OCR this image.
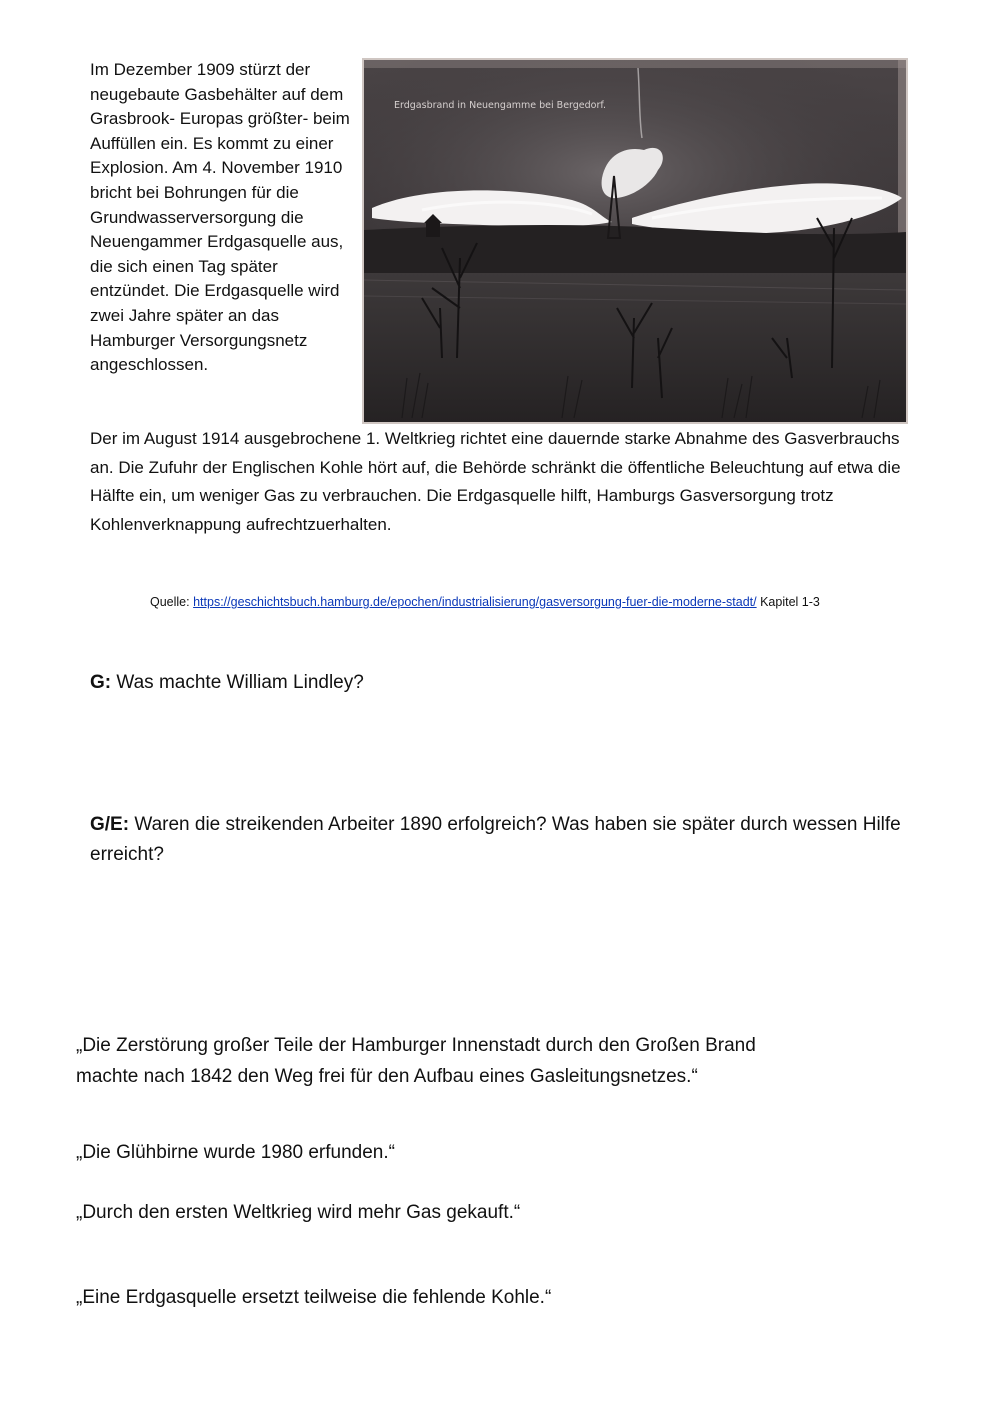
Im Dezember 1909 stürzt der neugebaute Gasbehälter auf dem Grasbrook- Europas größter- beim Auffüllen ein. Es kommt zu einer Explosion. Am 4. November 1910 bricht bei Bohrungen für die Grundwasserversorgung die Neuengammer Erdgasquelle aus, die sich einen Tag später entzündet. Die Erdgasquelle wird zwei Jahre später an das Hamburger Versorgungsnetz angeschlossen.
Erdgasbrand in Neuengamme bei Bergedorf.
Der im August 1914 ausgebrochene 1. Weltkrieg richtet eine dauernde starke Abnahme des Gasverbrauchs an. Die Zufuhr der Englischen Kohle hört auf, die Behörde schränkt die öffentliche Beleuchtung auf etwa die Hälfte ein, um weniger Gas zu verbrauchen. Die Erdgasquelle hilft, Hamburgs Gasversorgung trotz Kohlenverknappung aufrechtzuerhalten.
Quelle: https://geschichtsbuch.hamburg.de/epochen/industrialisierung/gasversorgung-fuer-die-moderne-stadt/ Kapitel 1-3
G: Was machte William Lindley?
G/E: Waren die streikenden Arbeiter 1890 erfolgreich? Was haben sie später durch wessen Hilfe erreicht?
„Die Zerstörung großer Teile der Hamburger Innenstadt durch den Großen Brand machte nach 1842 den Weg frei für den Aufbau eines Gasleitungsnetzes.“
„Die Glühbirne wurde 1980 erfunden.“
„Durch den ersten Weltkrieg wird mehr Gas gekauft.“
„Eine Erdgasquelle ersetzt teilweise die fehlende Kohle.“
